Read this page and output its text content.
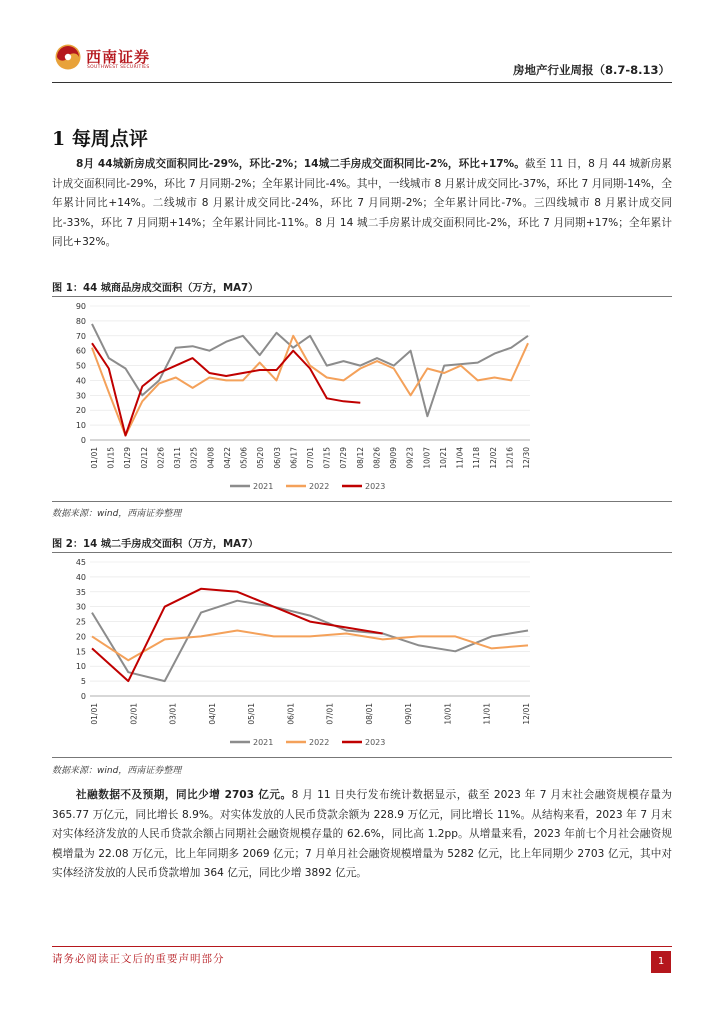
西南证券
SOUTHWEST SECURITIES	房地产行业周报（8.7-8.13）
1 每周点评
8月 44城新房成交面积同比-29%，环比-2%；14城二手房成交面积同比-2%，环比+17%。截至 11 日，8 月 44 城新房累计成交面积同比-29%，环比 7 月同期-2%；全年累计同比-4%。其中，一线城市 8 月累计成交同比-37%，环比 7 月同期-14%，全年累计同比+14%。二线城市 8 月累计成交同比-24%，环比 7 月同期-2%；全年累计同比-7%。三四线城市 8 月累计成交同比-33%，环比 7 月同期+14%；全年累计同比-11%。8 月 14 城二手房累计成交面积同比-2%，环比 7 月同期+17%；全年累计同比+32%。
图 1：44 城商品房成交面积（万方，MA7）
0
10
20
30
40
50
60
70
80
90
01/01 01/15 01/29 02/12 02/26 03/11 03/25 04/08 04/22 05/06 05/20 06/03 06/17 07/01 07/15 07/29 08/12 08/26 09/09 09/23 10/07 10/21 11/04 11/18 12/02 12/16 12/30
2021	2022	2023
数据来源：wind，西南证券整理
图 2：14 城二手房成交面积（万方，MA7）
0
5
10
15
20
25
30
35
40
45
01/01	02/01	03/01	04/01	05/01	06/01	07/01	08/01	09/01	10/01	11/01	12/01
2021	2022	2023
数据来源：wind，西南证券整理
社融数据不及预期，同比少增 2703 亿元。8 月 11 日央行发布统计数据显示，截至 2023 年 7 月末社会融资规模存量为 365.77 万亿元，同比增长 8.9%。对实体发放的人民币贷款余额为 228.9 万亿元，同比增长 11%。从结构来看，2023 年 7 月末对实体经济发放的人民币贷款余额占同期社会融资规模存量的 62.6%，同比高 1.2pp。从增量来看，2023 年前七个月社会融资规模增量为 22.08 万亿元，比上年同期多 2069 亿元；7 月单月社会融资规模增量为 5282 亿元，比上年同期少 2703 亿元，其中对实体经济发放的人民币贷款增加 364 亿元，同比少增 3892 亿元。
请务必阅读正文后的重要声明部分	1
